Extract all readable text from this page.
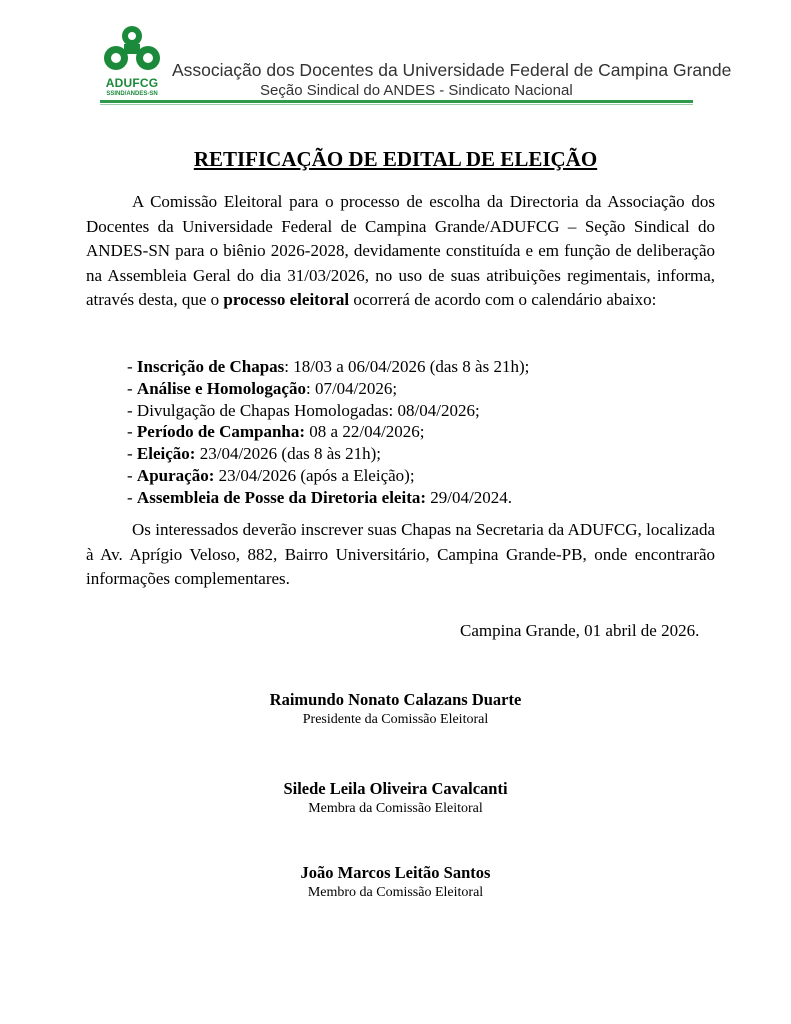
ADUFCG
SSIND/ANDES-SN
Associação dos Docentes da Universidade Federal de Campina Grande
Seção Sindical do ANDES - Sindicato Nacional
RETIFICAÇÃO DE EDITAL DE ELEIÇÃO

A Comissão Eleitoral para o processo de escolha da Directoria da Associação dos Docentes da Universidade Federal de Campina Grande/ADUFCG – Seção Sindical do ANDES-SN para o biênio 2026-2028, devidamente constituída e em função de deliberação na Assembleia Geral do dia 31/03/2026, no uso de suas atribuições regimentais, informa, através desta, que o processo eleitoral ocorrerá de acordo com o calendário abaixo:

- Inscrição de Chapas: 18/03 a 06/04/2026 (das 8 às 21h);
- Análise e Homologação: 07/04/2026;
- Divulgação de Chapas Homologadas: 08/04/2026;
- Período de Campanha: 08 a 22/04/2026;
- Eleição: 23/04/2026 (das 8 às 21h);
- Apuração: 23/04/2026 (após a Eleição);
- Assembleia de Posse da Diretoria eleita: 29/04/2024.

Os interessados deverão inscrever suas Chapas na Secretaria da ADUFCG, localizada à Av. Aprígio Veloso, 882, Bairro Universitário, Campina Grande-PB, onde encontrarão informações complementares.

Campina Grande, 01 abril de 2026.
Raimundo Nonato Calazans Duarte
Presidente da Comissão Eleitoral
Silede Leila Oliveira Cavalcanti
Membra da Comissão Eleitoral
João Marcos Leitão Santos
Membro da Comissão Eleitoral
